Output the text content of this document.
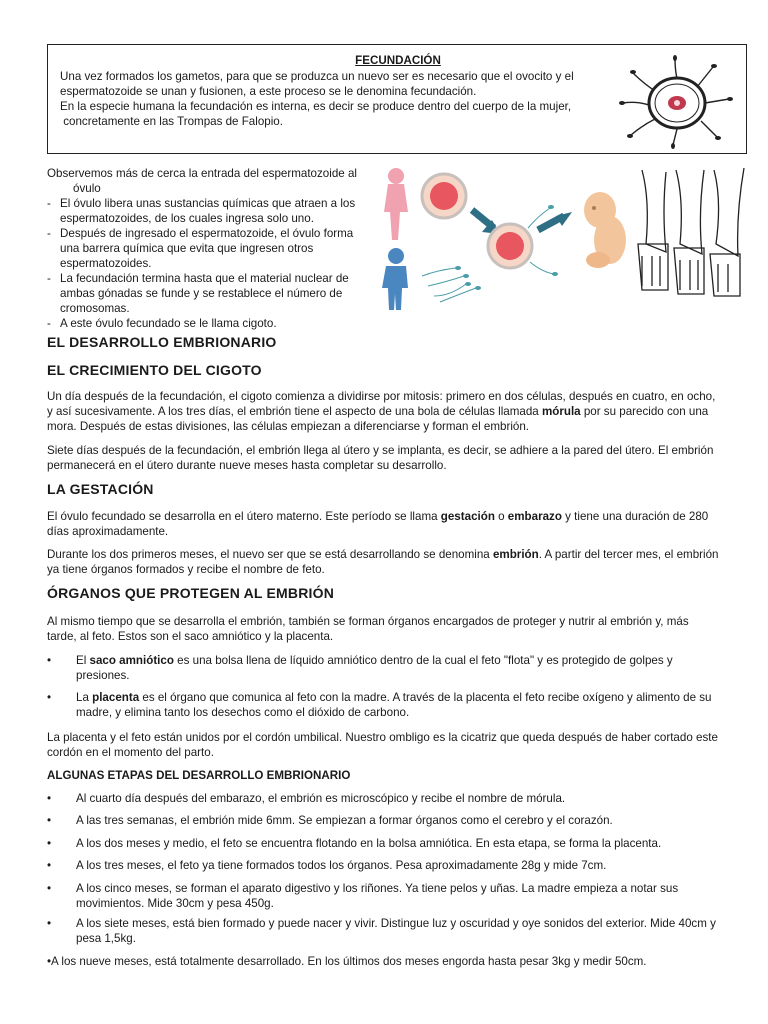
FECUNDACIÓN
Una vez formados los gametos, para que se produzca un nuevo ser es necesario que el ovocito y el
espermatozoide se unan y fusionen, a este proceso se le denomina fecundación.
En la especie humana la fecundación es interna, es decir se produce dentro del cuerpo de la mujer,
concretamente en las Trompas de Falopio.
Observemos más de cerca la entrada del espermatozoide al
óvulo
- El óvulo libera unas sustancias químicas que atraen a los
espermatozoides, de los cuales ingresa solo uno.
- Después de ingresado el espermatozoide, el óvulo forma
una barrera química que evita que ingresen otros
espermatozoides.
- La fecundación termina hasta que el material nuclear de
ambas gónadas se funde y se restablece el número de
cromosomas.
- A este óvulo fecundado se le llama cigoto.
EL DESARROLLO EMBRIONARIO
EL CRECIMIENTO DEL CIGOTO
Un día después de la fecundación, el cigoto comienza a dividirse por mitosis: primero en dos células, después en cuatro, en ocho,
y así sucesivamente. A los tres días, el embrión tiene el aspecto de una bola de células llamada mórula por su parecido con una
mora. Después de estas divisiones, las células empiezan a diferenciarse y forman el embrión.
Siete días después de la fecundación, el embrión llega al útero y se implanta, es decir, se adhiere a la pared del útero. El embrión
permanecerá en el útero durante nueve meses hasta completar su desarrollo.
LA GESTACIÓN
El óvulo fecundado se desarrolla en el útero materno. Este período se llama gestación o embarazo y tiene una duración de 280
días aproximadamente.
Durante los dos primeros meses, el nuevo ser que se está desarrollando se denomina embrión. A partir del tercer mes, el embrión
ya tiene órganos formados y recibe el nombre de feto.
ÓRGANOS QUE PROTEGEN AL EMBRIÓN
Al mismo tiempo que se desarrolla el embrión, también se forman órganos encargados de proteger y nutrir al embrión y, más
tarde, al feto. Estos son el saco amniótico y la placenta.
• El saco amniótico es una bolsa llena de líquido amniótico dentro de la cual el feto "flota" y es protegido de golpes y
presiones.
• La placenta es el órgano que comunica al feto con la madre. A través de la placenta el feto recibe oxígeno y alimento de su
madre, y elimina tanto los desechos como el dióxido de carbono.
La placenta y el feto están unidos por el cordón umbilical. Nuestro ombligo es la cicatriz que queda después de haber cortado este
cordón en el momento del parto.
ALGUNAS ETAPAS DEL DESARROLLO EMBRIONARIO
• Al cuarto día después del embarazo, el embrión es microscópico y recibe el nombre de mórula.
• A las tres semanas, el embrión mide 6mm. Se empiezan a formar órganos como el cerebro y el corazón.
• A los dos meses y medio, el feto se encuentra flotando en la bolsa amniótica. En esta etapa, se forma la placenta.
• A los tres meses, el feto ya tiene formados todos los órganos. Pesa aproximadamente 28g y mide 7cm.
• A los cinco meses, se forman el aparato digestivo y los riñones. Ya tiene pelos y uñas. La madre empieza a notar sus
movimientos. Mide 30cm y pesa 450g.
• A los siete meses, está bien formado y puede nacer y vivir. Distingue luz y oscuridad y oye sonidos del exterior. Mide 40cm y
pesa 1,5kg.
•A los nueve meses, está totalmente desarrollado. En los últimos dos meses engorda hasta pesar 3kg y medir 50cm.
